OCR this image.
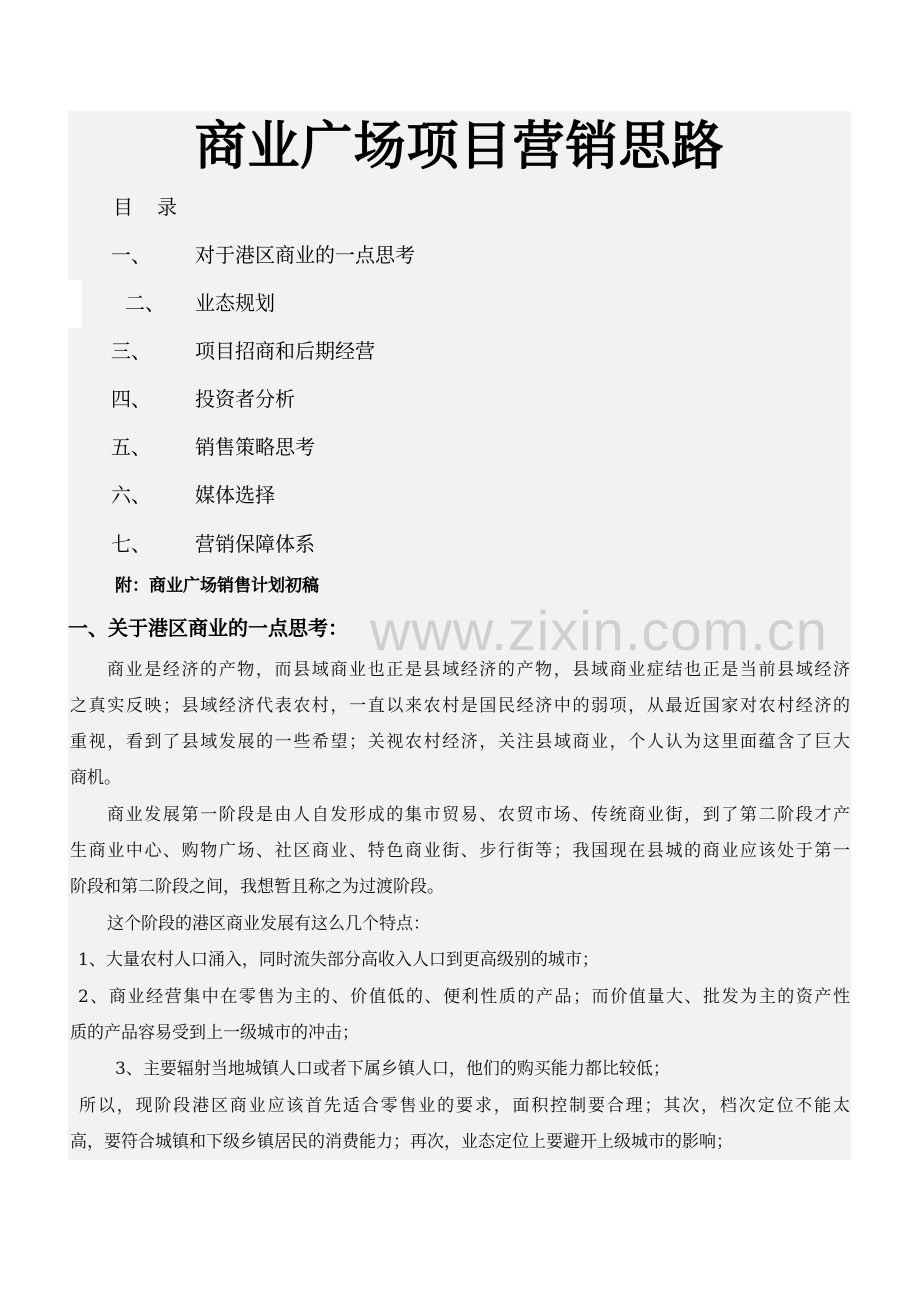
商业广场项目营销思路
目 录
一、 对于港区商业的一点思考
二、 业态规划
三、 项目招商和后期经营
四、 投资者分析
五、 销售策略思考
六、 媒体选择
七、 营销保障体系
附：商业广场销售计划初稿
www.zixin.com.cn
一、关于港区商业的一点思考：
商业是经济的产物，而县域商业也正是县域经济的产物，县域商业症结也正是当前县域经济
之真实反映；县域经济代表农村，一直以来农村是国民经济中的弱项，从最近国家对农村经济的
重视，看到了县域发展的一些希望；关视农村经济，关注县域商业，个人认为这里面蕴含了巨大
商机。
商业发展第一阶段是由人自发形成的集市贸易、农贸市场、传统商业街，到了第二阶段才产
生商业中心、购物广场、社区商业、特色商业街、步行街等；我国现在县城的商业应该处于第一
阶段和第二阶段之间，我想暂且称之为过渡阶段。
这个阶段的港区商业发展有这么几个特点：
1、大量农村人口涌入，同时流失部分高收入人口到更高级别的城市；
2、商业经营集中在零售为主的、价值低的、便利性质的产品；而价值量大、批发为主的资产性
质的产品容易受到上一级城市的冲击；
3、主要辐射当地城镇人口或者下属乡镇人口，他们的购买能力都比较低；
所以，现阶段港区商业应该首先适合零售业的要求，面积控制要合理；其次，档次定位不能太
高，要符合城镇和下级乡镇居民的消费能力；再次，业态定位上要避开上级城市的影响；
